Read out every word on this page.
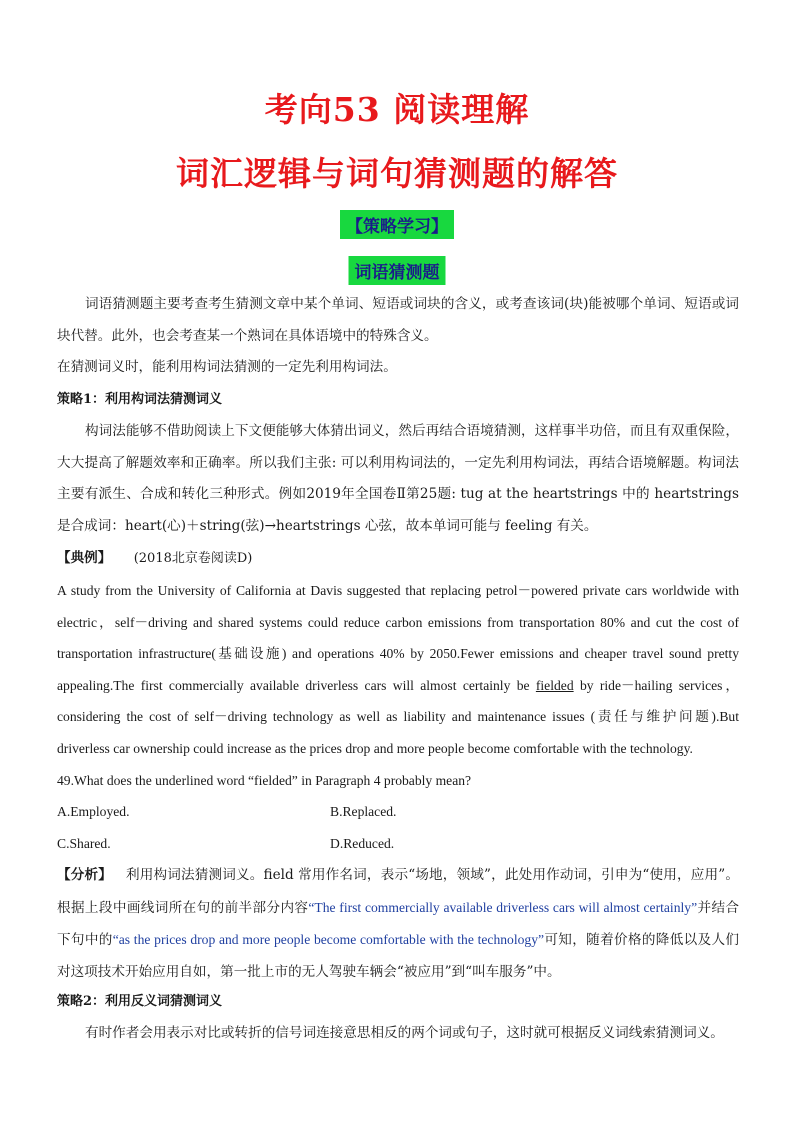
考向53 阅读理解
词汇逻辑与词句猜测题的解答
【策略学习】
词语猜测题

词语猜测题主要考查考生猜测文章中某个单词、短语或词块的含义，或考查该词(块)能被哪个单词、短语或词块代替。此外，也会考查某一个熟词在具体语境中的特殊含义。

在猜测词义时，能利用构词法猜测的一定先利用构词法。

策略1：利用构词法猜测词义

构词法能够不借助阅读上下文便能够大体猜出词义，然后再结合语境猜测，这样事半功倍，而且有双重保险，大大提高了解题效率和正确率。所以我们主张: 可以利用构词法的，一定先利用构词法，再结合语境解题。构词法主要有派生、合成和转化三种形式。例如2019年全国卷Ⅱ第25题: tug at the heartstrings 中的 heartstrings 是合成词：heart(心)＋string(弦)→heartstrings 心弦，故本单词可能与 feeling 有关。

【典例】 (2018北京卷阅读D)

A study from the University of California at Davis suggested that replacing petrol－powered private cars worldwide with electric，self－driving and shared systems could reduce carbon emissions from transportation 80% and cut the cost of transportation infrastructure(基础设施) and operations 40% by 2050.Fewer emissions and cheaper travel sound pretty appealing.The first commercially available driverless cars will almost certainly be fielded by ride－hailing services，considering the cost of self－driving technology as well as liability and maintenance issues (责任与维护问题).But driverless car ownership could increase as the prices drop and more people become comfortable with the technology.

49.What does the underlined word “fielded” in Paragraph 4 probably mean?

A.Employed.	B.Replaced.
C.Shared.	D.Reduced.

【分析】 利用构词法猜测词义。field 常用作名词，表示“场地，领域”，此处用作动词，引申为“使用，应用”。根据上段中画线词所在句的前半部分内容“The first commercially available driverless cars will almost certainly”并结合下句中的“as the prices drop and more people become comfortable with the technology”可知，随着价格的降低以及人们对这项技术开始应用自如，第一批上市的无人驾驶车辆会“被应用”到“叫车服务”中。

策略2：利用反义词猜测词义

有时作者会用表示对比或转折的信号词连接意思相反的两个词或句子，这时就可根据反义词线索猜测词义。
